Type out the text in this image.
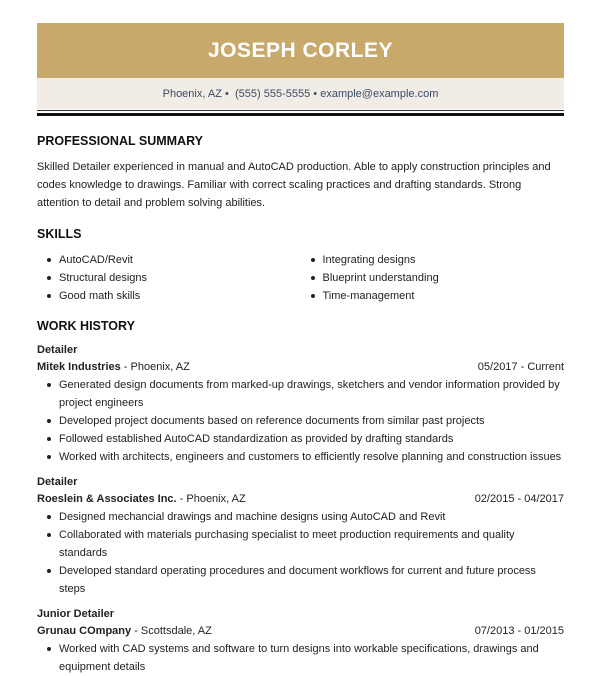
JOSEPH CORLEY
Phoenix, AZ
•
(555) 555-5555
•
example@example.com
PROFESSIONAL SUMMARY

Skilled Detailer experienced in manual and AutoCAD production. Able to apply construction principles and codes knowledge to drawings. Familiar with correct scaling practices and drafting standards. Strong attention to detail and problem solving abilities.

SKILLS
AutoCAD/Revit
Structural designs
Good math skills
Integrating designs
Blueprint understanding
Time-management
WORK HISTORY

Detailer

Mitek Industries - Phoenix, AZ	05/2017 - Current
Generated design documents from marked-up drawings, sketchers and vendor information provided by project engineers
Developed project documents based on reference documents from similar past projects
Followed established AutoCAD standardization as provided by drafting standards
Worked with architects, engineers and customers to efficiently resolve planning and construction issues

Detailer

Roeslein & Associates Inc. - Phoenix, AZ	02/2015 - 04/2017
Designed mechancial drawings and machine designs using AutoCAD and Revit
Collaborated with materials purchasing specialist to meet production requirements and quality standards
Developed standard operating procedures and document workflows for current and future process steps

Junior Detailer

Grunau COmpany - Scottsdale, AZ	07/2013 - 01/2015
Worked with CAD systems and software to turn designs into workable specifications, drawings and equipment details
